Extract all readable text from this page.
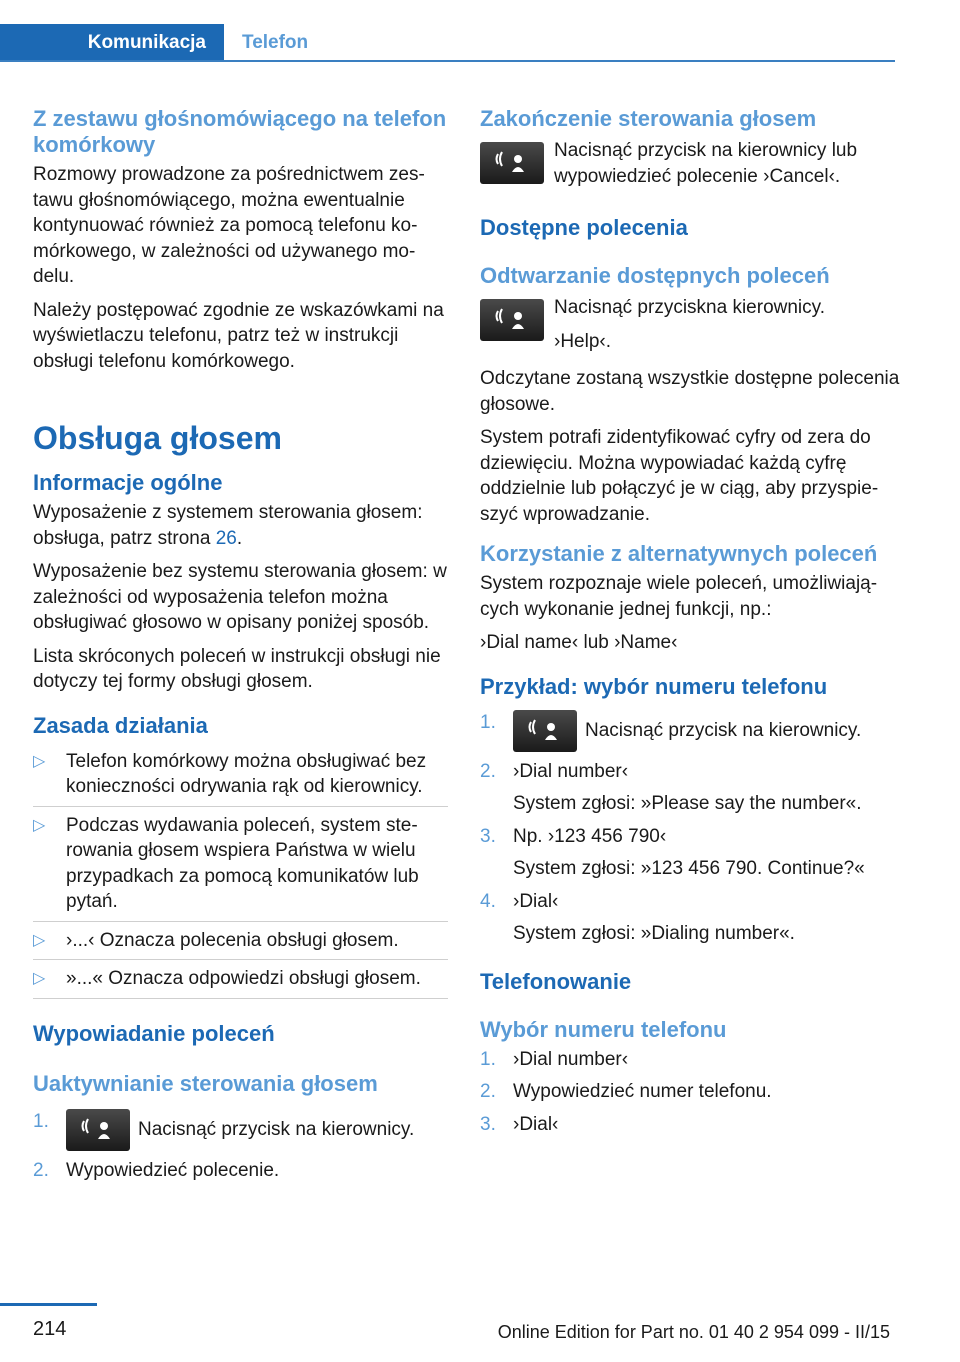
Komunikacja	Telefon
Z zestawu głośnomówiącego na telefon komórkowy

Rozmowy prowadzone za pośrednictwem zestawu głośnomówiącego, można ewentualnie kontynuować również za pomocą telefonu komórkowego, w zależności od używanego modelu.

Należy postępować zgodnie ze wskazówkami na wyświetlaczu telefonu, patrz też w instrukcji obsługi telefonu komórkowego.

Obsługa głosem
Informacje ogólne

Wyposażenie z systemem sterowania głosem: obsługa, patrz strona 26.

Wyposażenie bez systemu sterowania głosem: w zależności od wyposażenia telefon można obsługiwać głosowo w opisany poniżej sposób.

Lista skróconych poleceń w instrukcji obsługi nie dotyczy tej formy obsługi głosem.

Zasada działania
▷ Telefon komórkowy można obsługiwać bez konieczności odrywania rąk od kierownicy.
▷ Podczas wydawania poleceń, system sterowania głosem wspiera Państwa w wielu przypadkach za pomocą komunikatów lub pytań.
▷ ›...‹ Oznacza polecenia obsługi głosem.
▷ »...« Oznacza odpowiedzi obsługi głosem.
Wypowiadanie poleceń
Uaktywnianie sterowania głosem
1.	Nacisnąć przycisk na kierownicy.
2. Wypowiedzieć polecenie.
Zakończenie sterowania głosem
Nacisnąć przycisk na kierownicy lub wypowiedzieć polecenie ›Cancel‹.
Dostępne polecenia
Odtwarzanie dostępnych poleceń
Nacisnąć przyciskna kierownicy.
›Help‹.

Odczytane zostaną wszystkie dostępne polecenia głosowe.

System potrafi zidentyfikować cyfry od zera do dziewięciu. Można wypowiadać każdą cyfrę oddzielnie lub połączyć je w ciąg, aby przyspieszyć wprowadzanie.

Korzystanie z alternatywnych poleceń

System rozpoznaje wiele poleceń, umożliwiających wykonanie jednej funkcji, np.:

›Dial name‹ lub ›Name‹

Przykład: wybór numeru telefonu
1.	Nacisnąć przycisk na kierownicy.
2. ›Dial number‹
System zgłosi: »Please say the number«.
3. Np. ›123 456 790‹
System zgłosi: »123 456 790. Continue?«
4. ›Dial‹
System zgłosi: »Dialing number«.
Telefonowanie
Wybór numeru telefonu
1. ›Dial number‹
2. Wypowiedzieć numer telefonu.
3. ›Dial‹
214	Online Edition for Part no. 01 40 2 954 099 - II/15
